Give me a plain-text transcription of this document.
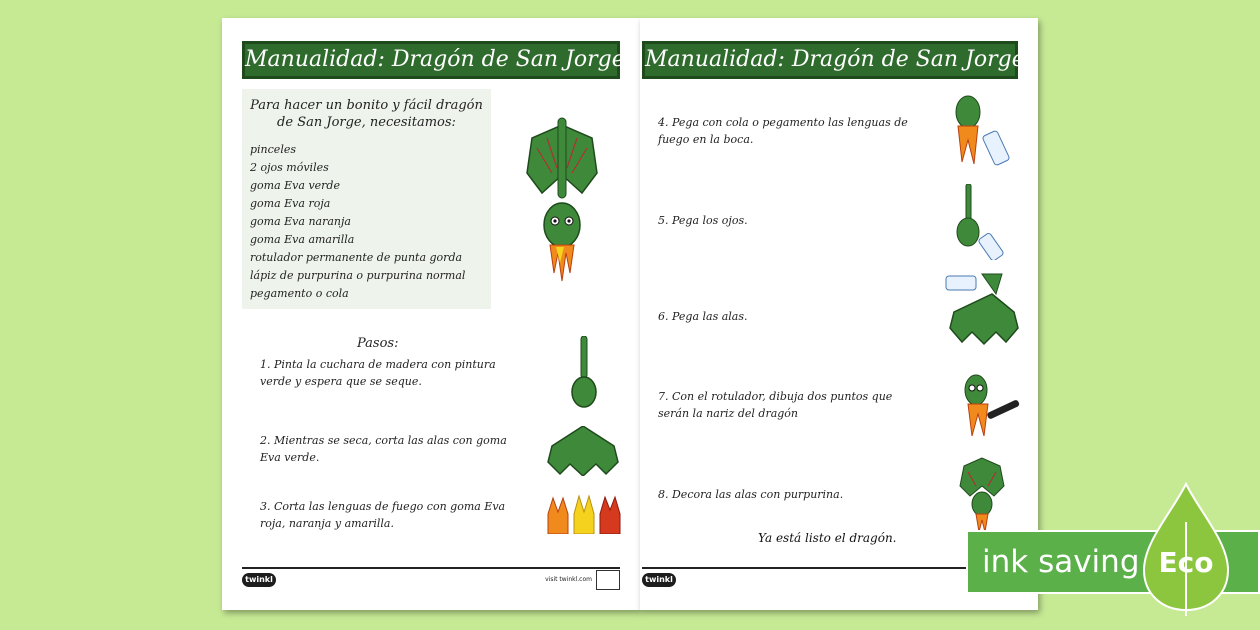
Manualidad: Dragón de San Jorge
Para hacer un bonito y fácil dragón de San Jorge, necesitamos:
pinceles
2 ojos móviles
goma Eva verde
goma Eva roja
goma Eva naranja
goma Eva amarilla
rotulador permanente de punta gorda
lápiz de purpurina o purpurina normal
pegamento o cola
Pasos:
1. Pinta la cuchara de madera con pintura verde y espera que se seque.
2. Mientras se seca, corta las alas con goma Eva verde.
3. Corta las lenguas de fuego con goma Eva roja, naranja y amarilla.
twinkl	visit twinkl.com
Manualidad: Dragón de San Jorge
4. Pega con cola o pegamento las lenguas de fuego en la boca.
5. Pega los ojos.
6. Pega las alas.
7. Con el rotulador, dibuja dos puntos que serán la nariz del dragón
8. Decora las alas con purpurina.
Ya está listo el dragón.
twinkl	ink saving Eco
